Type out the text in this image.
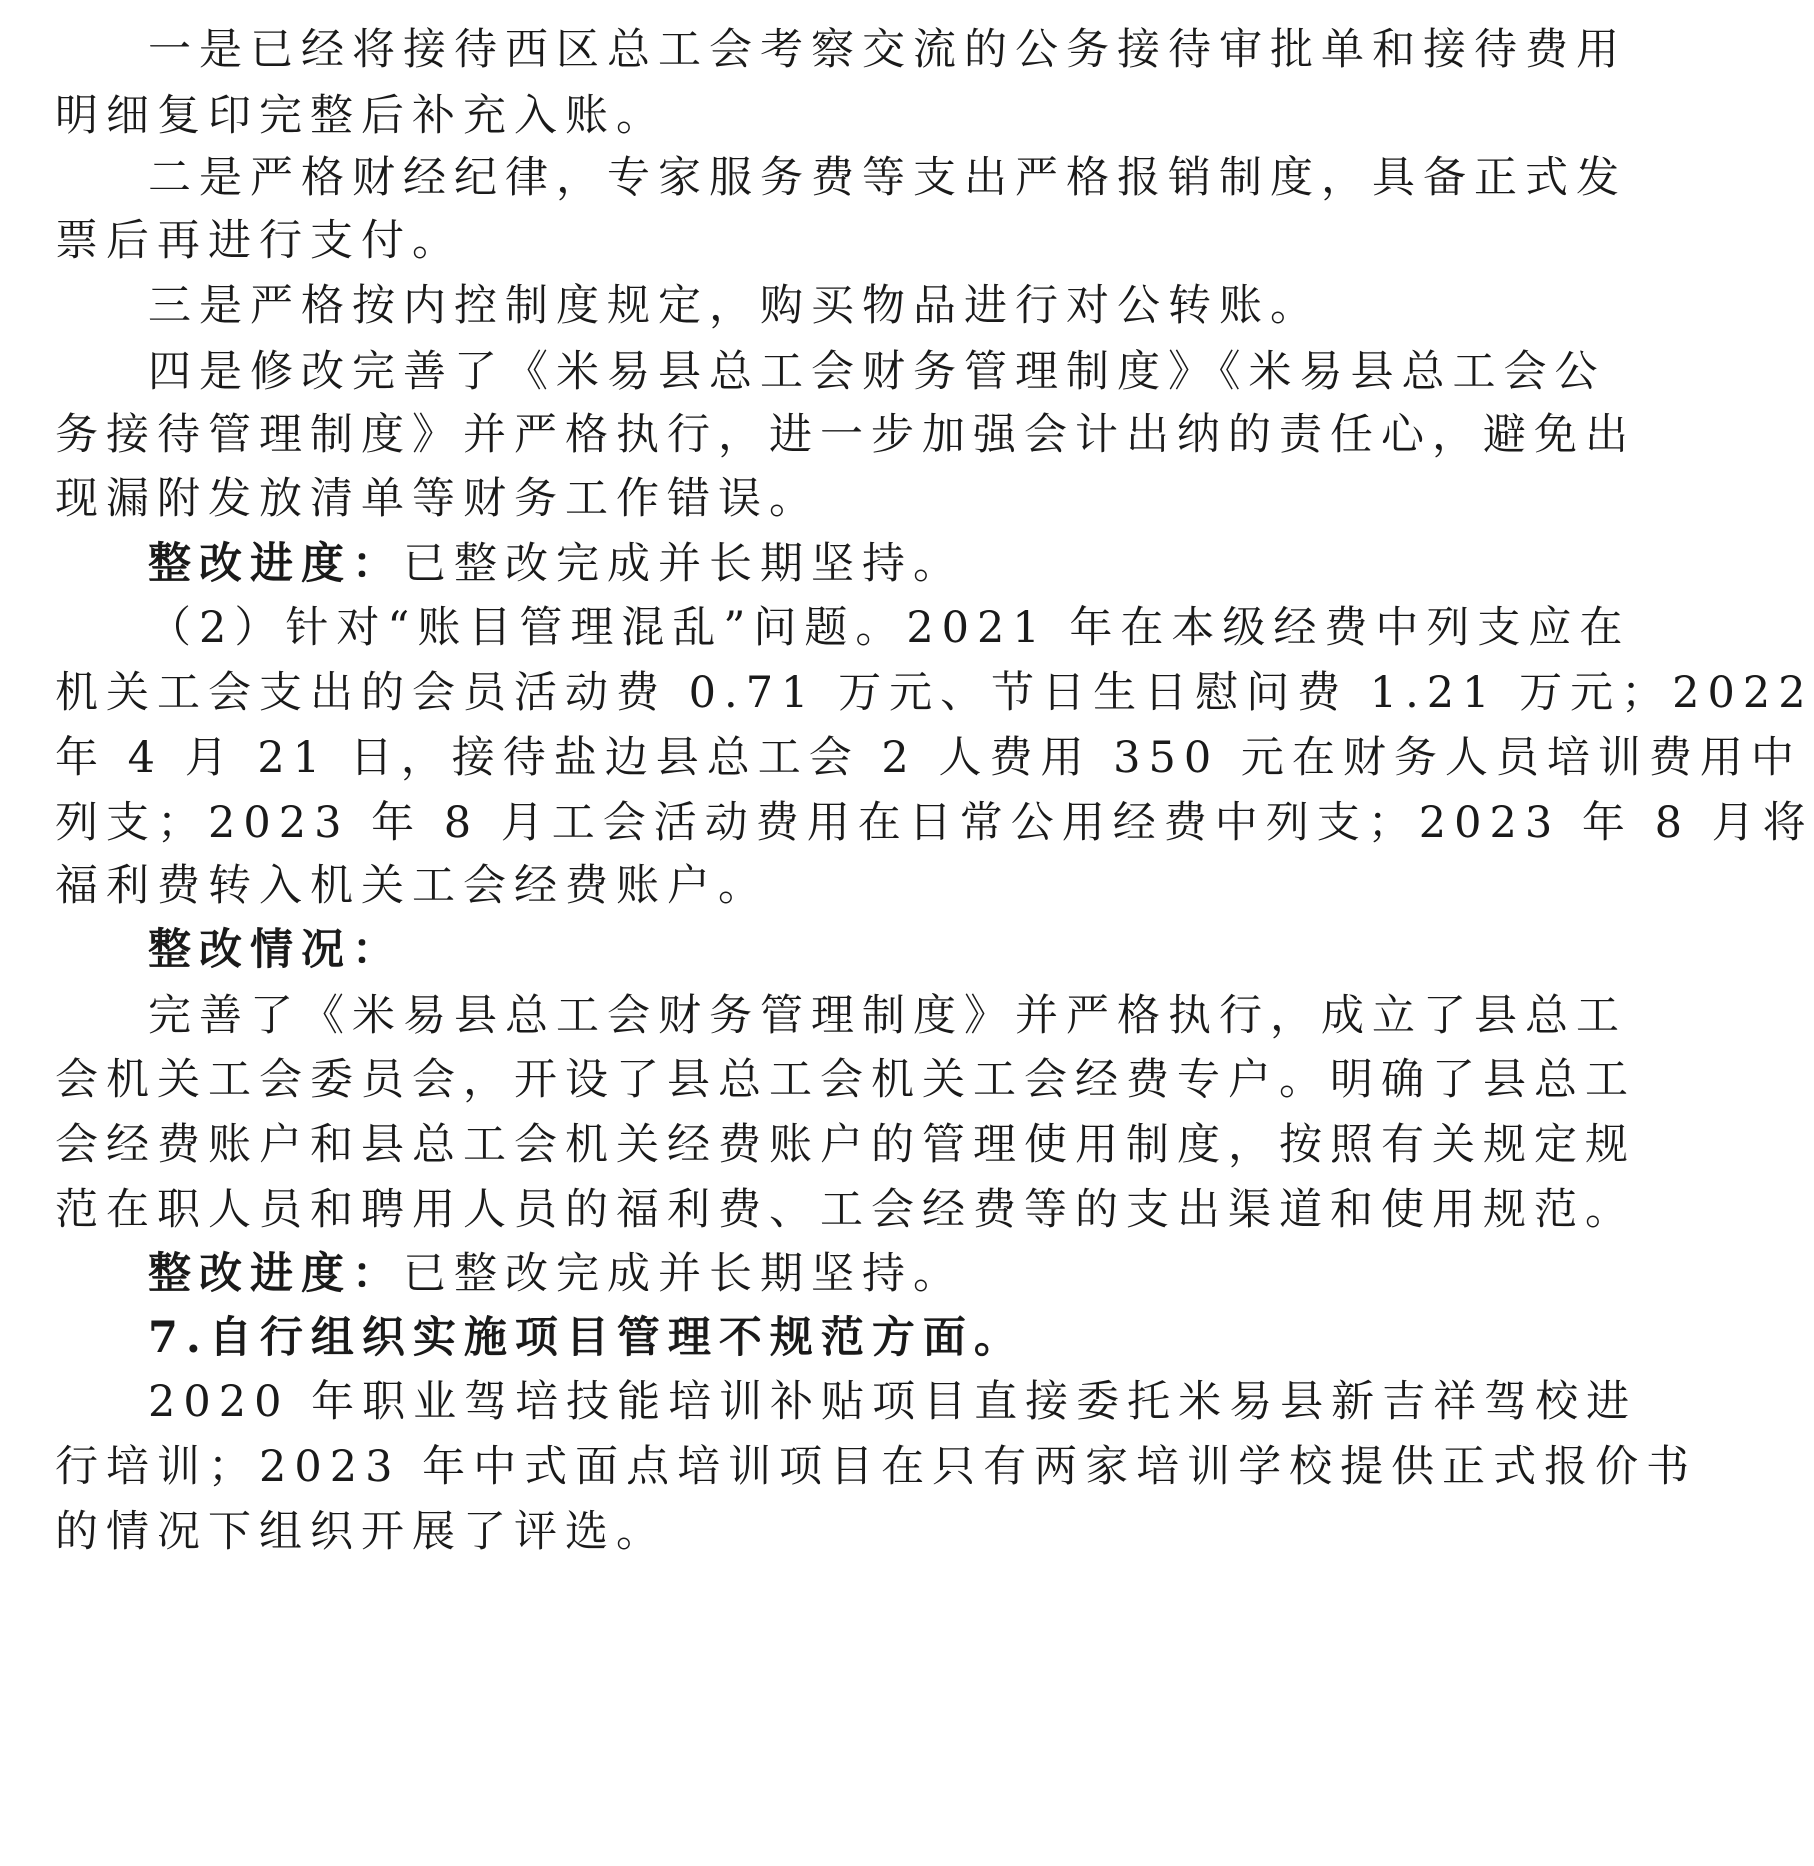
一是已经将接待西区总工会考察交流的公务接待审批单和接待费用
明细复印完整后补充入账。
二是严格财经纪律，专家服务费等支出严格报销制度，具备正式发
票后再进行支付。
三是严格按内控制度规定，购买物品进行对公转账。
四是修改完善了《米易县总工会财务管理制度》《米易县总工会公
务接待管理制度》并严格执行，进一步加强会计出纳的责任心，避免出
现漏附发放清单等财务工作错误。
整改进度：已整改完成并长期坚持。
（2）针对“账目管理混乱”问题。2021 年在本级经费中列支应在
机关工会支出的会员活动费 0.71 万元、节日生日慰问费 1.21 万元；2022
年 4 月 21 日，接待盐边县总工会 2 人费用 350 元在财务人员培训费用中
列支；2023 年 8 月工会活动费用在日常公用经费中列支；2023 年 8 月将
福利费转入机关工会经费账户。
整改情况：
完善了《米易县总工会财务管理制度》并严格执行，成立了县总工
会机关工会委员会，开设了县总工会机关工会经费专户。明确了县总工
会经费账户和县总工会机关经费账户的管理使用制度，按照有关规定规
范在职人员和聘用人员的福利费、工会经费等的支出渠道和使用规范。
整改进度：已整改完成并长期坚持。
7.自行组织实施项目管理不规范方面。
2020 年职业驾培技能培训补贴项目直接委托米易县新吉祥驾校进
行培训；2023 年中式面点培训项目在只有两家培训学校提供正式报价书
的情况下组织开展了评选。
